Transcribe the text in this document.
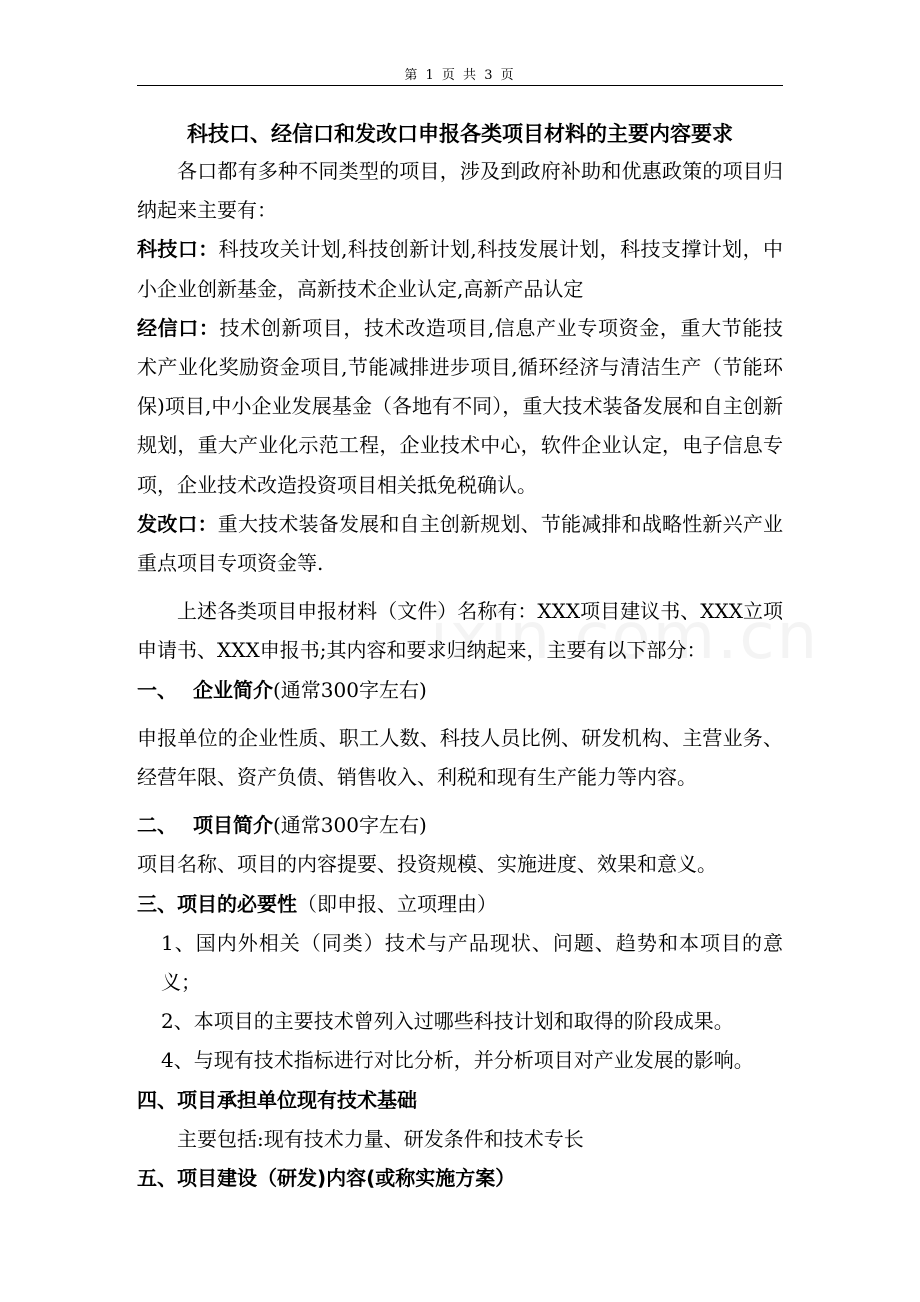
第 1 页 共 3 页
科技口、经信口和发改口申报各类项目材料的主要内容要求

各口都有多种不同类型的项目，涉及到政府补助和优惠政策的项目归纳起来主要有：

科技口：科技攻关计划,科技创新计划,科技发展计划，科技支撑计划，中小企业创新基金，高新技术企业认定,高新产品认定

经信口：技术创新项目，技术改造项目,信息产业专项资金，重大节能技术产业化奖励资金项目,节能减排进步项目,循环经济与清洁生产（节能环保)项目,中小企业发展基金（各地有不同），重大技术装备发展和自主创新规划，重大产业化示范工程，企业技术中心，软件企业认定，电子信息专项，企业技术改造投资项目相关抵免税确认。

发改口：重大技术装备发展和自主创新规划、节能减排和战略性新兴产业重点项目专项资金等.

上述各类项目申报材料（文件）名称有：XXX项目建议书、XXX立项申请书、XXX申报书;其内容和要求归纳起来，主要有以下部分：

一、 企业简介(通常300字左右)

申报单位的企业性质、职工人数、科技人员比例、研发机构、主营业务、经营年限、资产负债、销售收入、利税和现有生产能力等内容。

二、 项目简介(通常300字左右)

项目名称、项目的内容提要、投资规模、实施进度、效果和意义。

三、项目的必要性（即申报、立项理由）

1、国内外相关（同类）技术与产品现状、问题、趋势和本项目的意义；

2、本项目的主要技术曾列入过哪些科技计划和取得的阶段成果。

4、与现有技术指标进行对比分析，并分析项目对产业发展的影响。

四、项目承担单位现有技术基础

主要包括:现有技术力量、研发条件和技术专长

五、项目建设（研发)内容(或称实施方案）
